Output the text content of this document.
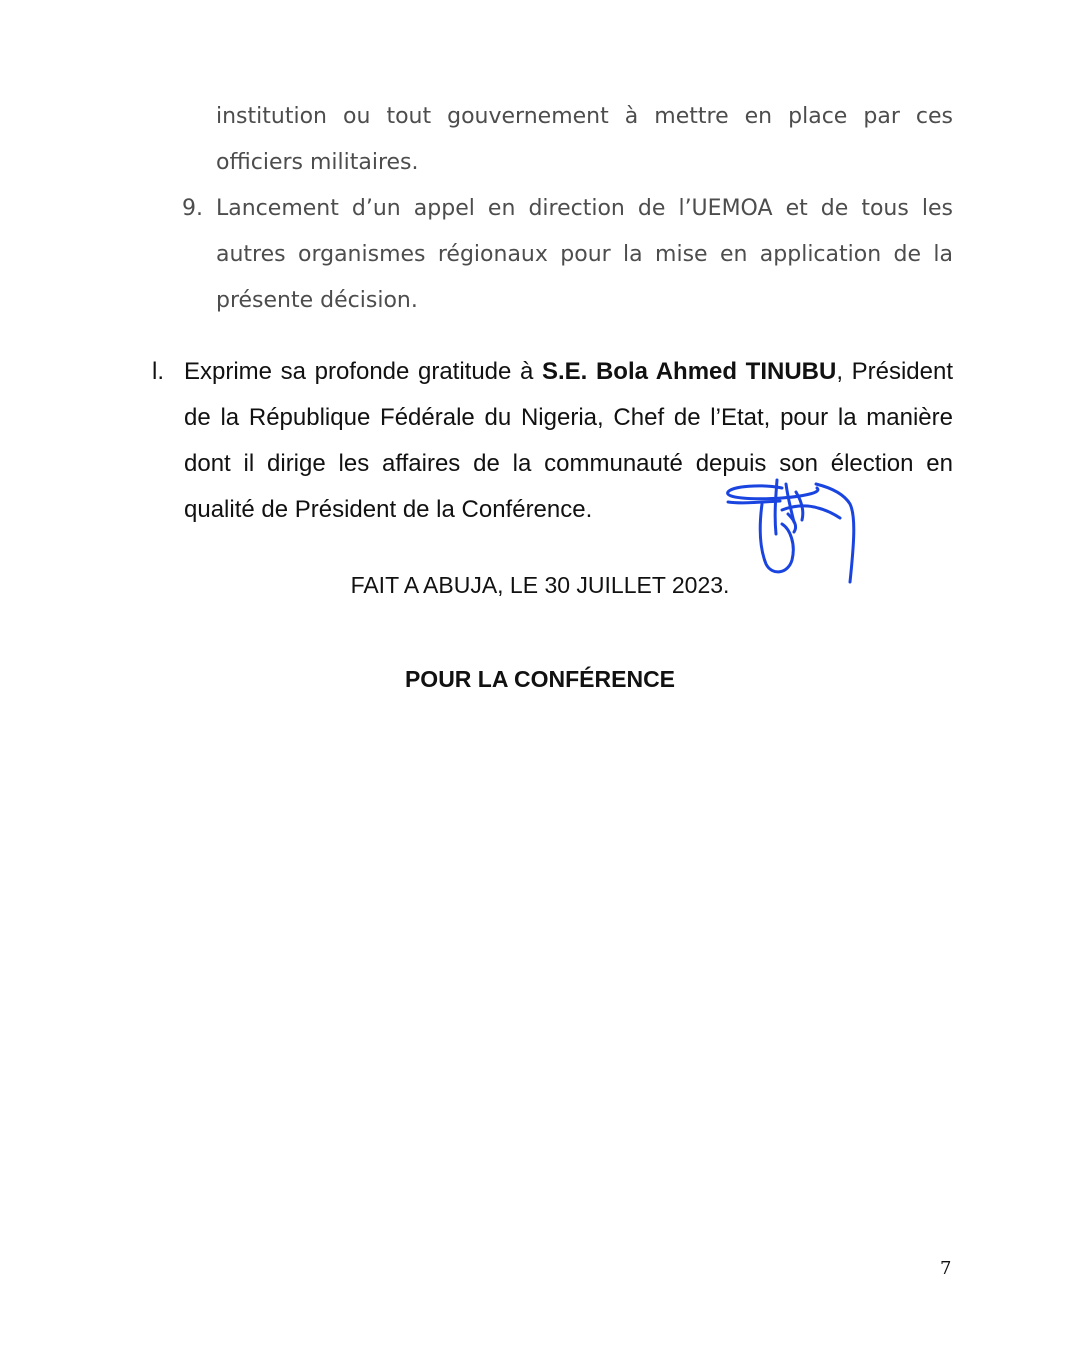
institution ou tout gouvernement à mettre en place par ces officiers militaires.

9. Lancement d’un appel en direction de l’UEMOA et de tous les autres organismes régionaux pour la mise en application de la présente décision.

l. Exprime sa profonde gratitude à S.E. Bola Ahmed TINUBU, Président de la République Fédérale du Nigeria, Chef de l’Etat, pour la manière dont il dirige les affaires de la communauté depuis son élection en qualité de Président de la Conférence.

FAIT A ABUJA, LE 30 JUILLET 2023.
POUR LA CONFÉRENCE
7
